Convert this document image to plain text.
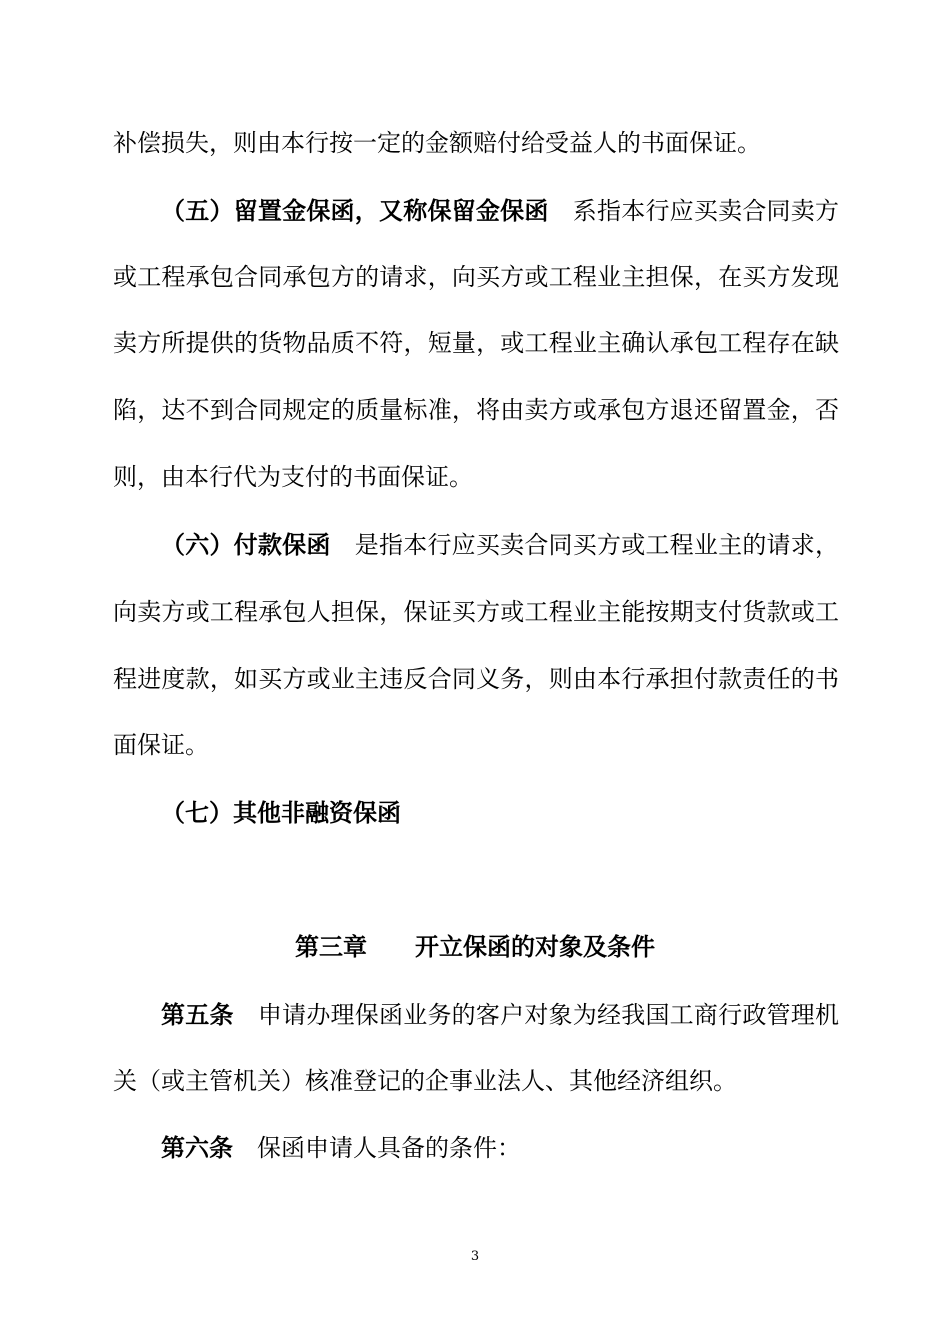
补偿损失，则由本行按一定的金额赔付给受益人的书面保证。
（五）留置金保函，又称保留金保函 系指本行应买卖合同卖方
或工程承包合同承包方的请求，向买方或工程业主担保，在买方发现
卖方所提供的货物品质不符，短量，或工程业主确认承包工程存在缺
陷，达不到合同规定的质量标准，将由卖方或承包方退还留置金，否
则，由本行代为支付的书面保证。
（六）付款保函 是指本行应买卖合同买方或工程业主的请求，
向卖方或工程承包人担保，保证买方或工程业主能按期支付货款或工
程进度款，如买方或业主违反合同义务，则由本行承担付款责任的书
面保证。
（七）其他非融资保函
第三章 开立保函的对象及条件
第五条 申请办理保函业务的客户对象为经我国工商行政管理机
关（或主管机关）核准登记的企事业法人、其他经济组织。
第六条 保函申请人具备的条件：
3
